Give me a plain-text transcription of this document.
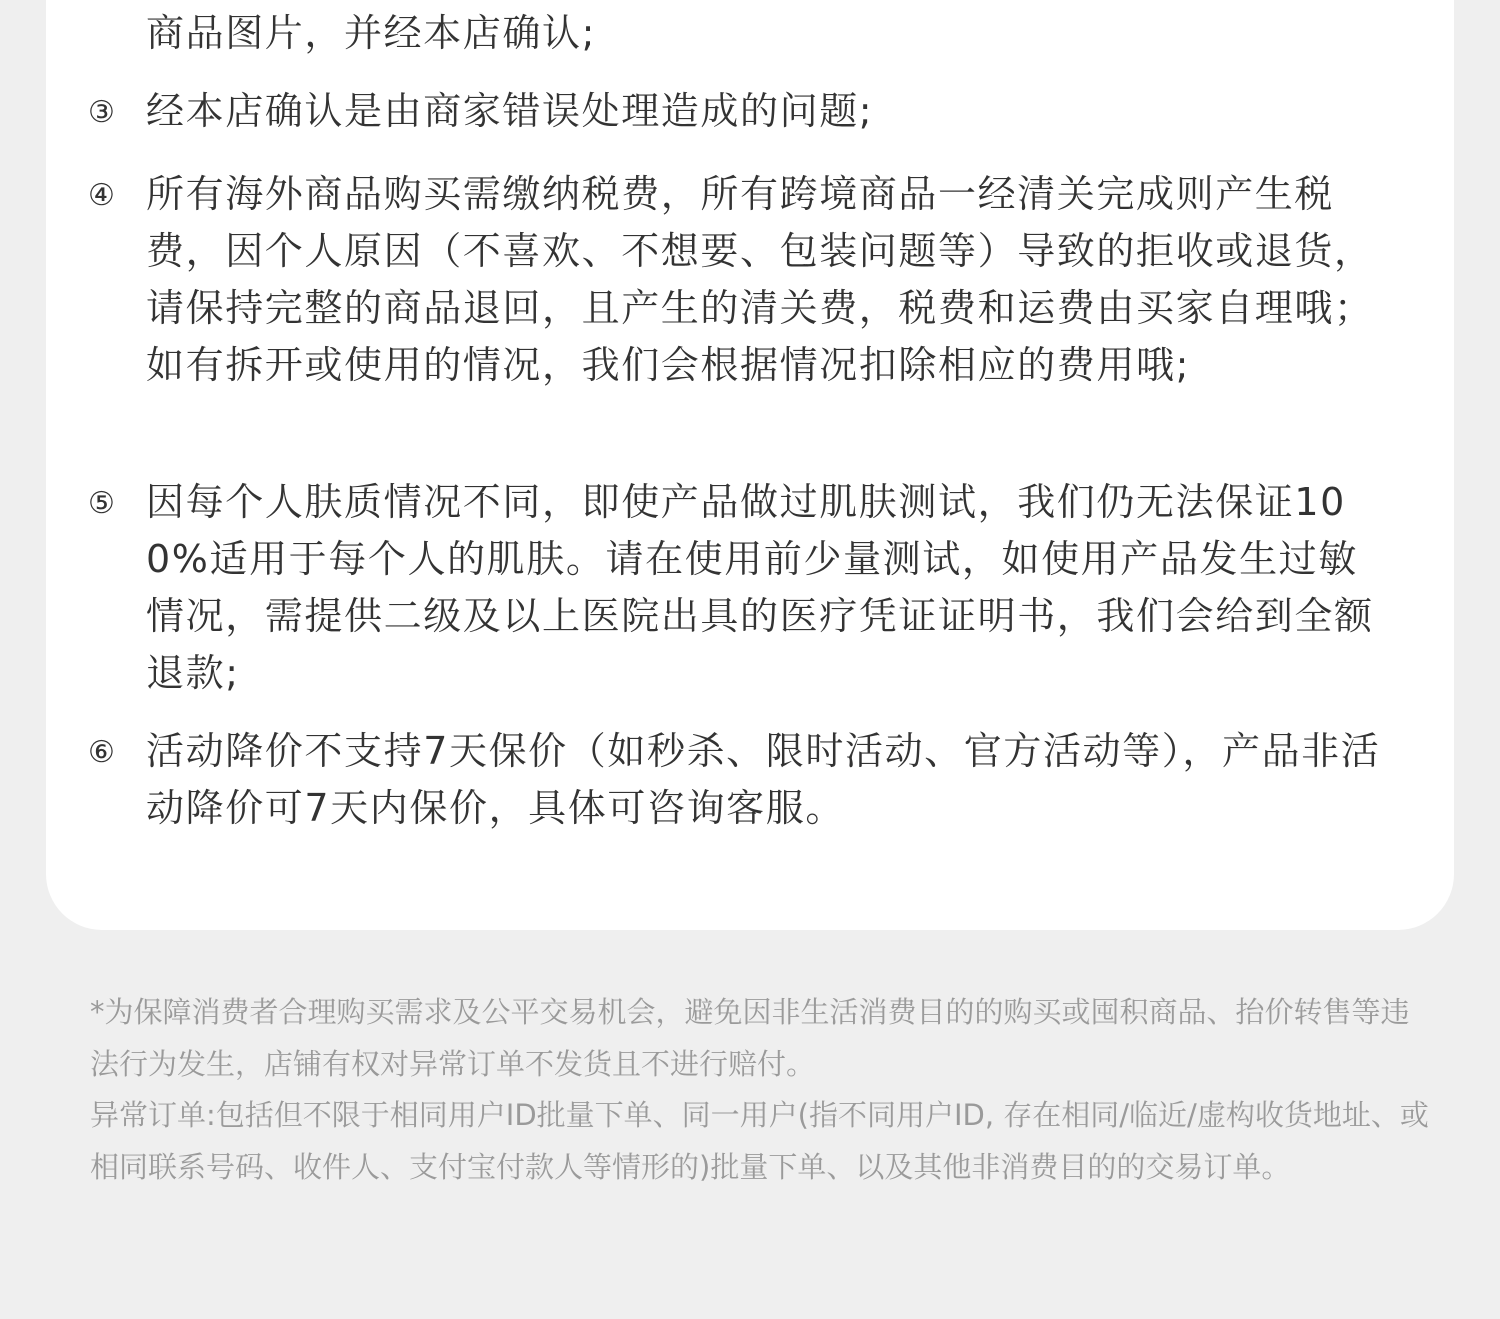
商品图片，并经本店确认;
③ 经本店确认是由商家错误处理造成的问题;
④ 所有海外商品购买需缴纳税费，所有跨境商品一经清关完成则产生税费，因个人原因（不喜欢、不想要、包装问题等）导致的拒收或退货，请保持完整的商品退回，且产生的清关费，税费和运费由买家自理哦；如有拆开或使用的情况，我们会根据情况扣除相应的费用哦;
⑤ 因每个人肤质情况不同，即使产品做过肌肤测试，我们仍无法保证100%适用于每个人的肌肤。请在使用前少量测试，如使用产品发生过敏情况，需提供二级及以上医院出具的医疗凭证证明书，我们会给到全额退款;
⑥ 活动降价不支持7天保价（如秒杀、限时活动、官方活动等），产品非活动降价可7天内保价，具体可咨询客服。
*为保障消费者合理购买需求及公平交易机会，避免因非生活消费目的的购买或囤积商品、抬价转售等违法行为发生，店铺有权对异常订单不发货且不进行赔付。
异常订单:包括但不限于相同用户ID批量下单、同一用户(指不同用户ID, 存在相同/临近/虚构收货地址、或相同联系号码、收件人、支付宝付款人等情形的)批量下单、以及其他非消费目的的交易订单。
